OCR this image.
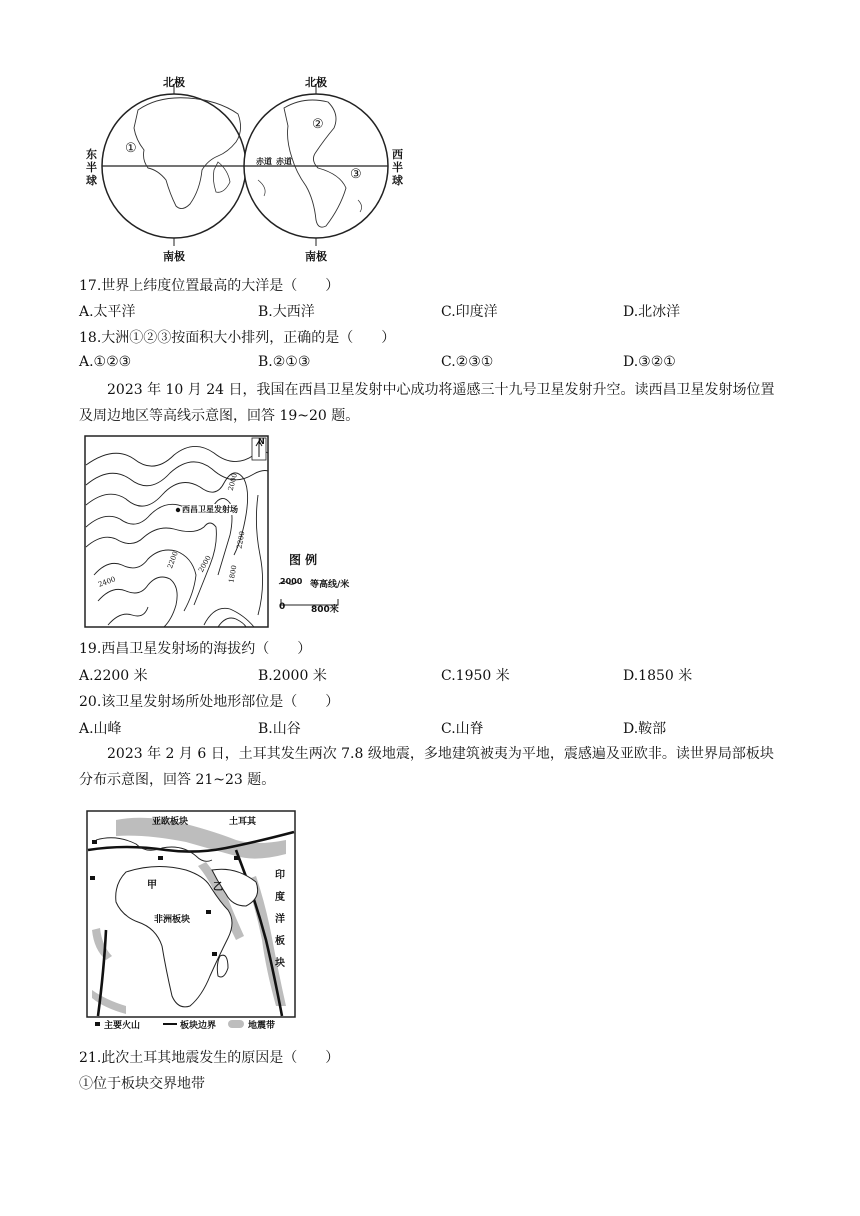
北极	北极
南极	南极
东半球
西半球
赤道 赤道
①
②
③
17.世界上纬度位置最高的大洋是（　　）
A.太平洋	B.大西洋	C.印度洋	D.北冰洋
18.大洲①②③按面积大小排列，正确的是（　　）
A.①②③	B.②①③	C.②③①	D.③②①
2023 年 10 月 24 日，我国在西昌卫星发射中心成功将遥感三十九号卫星发射升空。读西昌卫星发射场位置及周边地区等高线示意图，回答 19~20 题。
N
西昌卫星发射场
2000
2000
2200
2200
2400	1800
图 例
2000 等高线/米
0	800米
19.西昌卫星发射场的海拔约（　　）
A.2200 米	B.2000 米	C.1950 米	D.1850 米
20.该卫星发射场所处地形部位是（　　）
A.山峰	B.山谷	C.山脊	D.鞍部
2023 年 2 月 6 日，土耳其发生两次 7.8 级地震，多地建筑被夷为平地，震感遍及亚欧非。读世界局部板块分布示意图，回答 21~23 题。
亚欧板块	土耳其
甲	乙
非洲板块
印度洋板块
主要火山	板块边界	地震带
21.此次土耳其地震发生的原因是（　　）
①位于板块交界地带
